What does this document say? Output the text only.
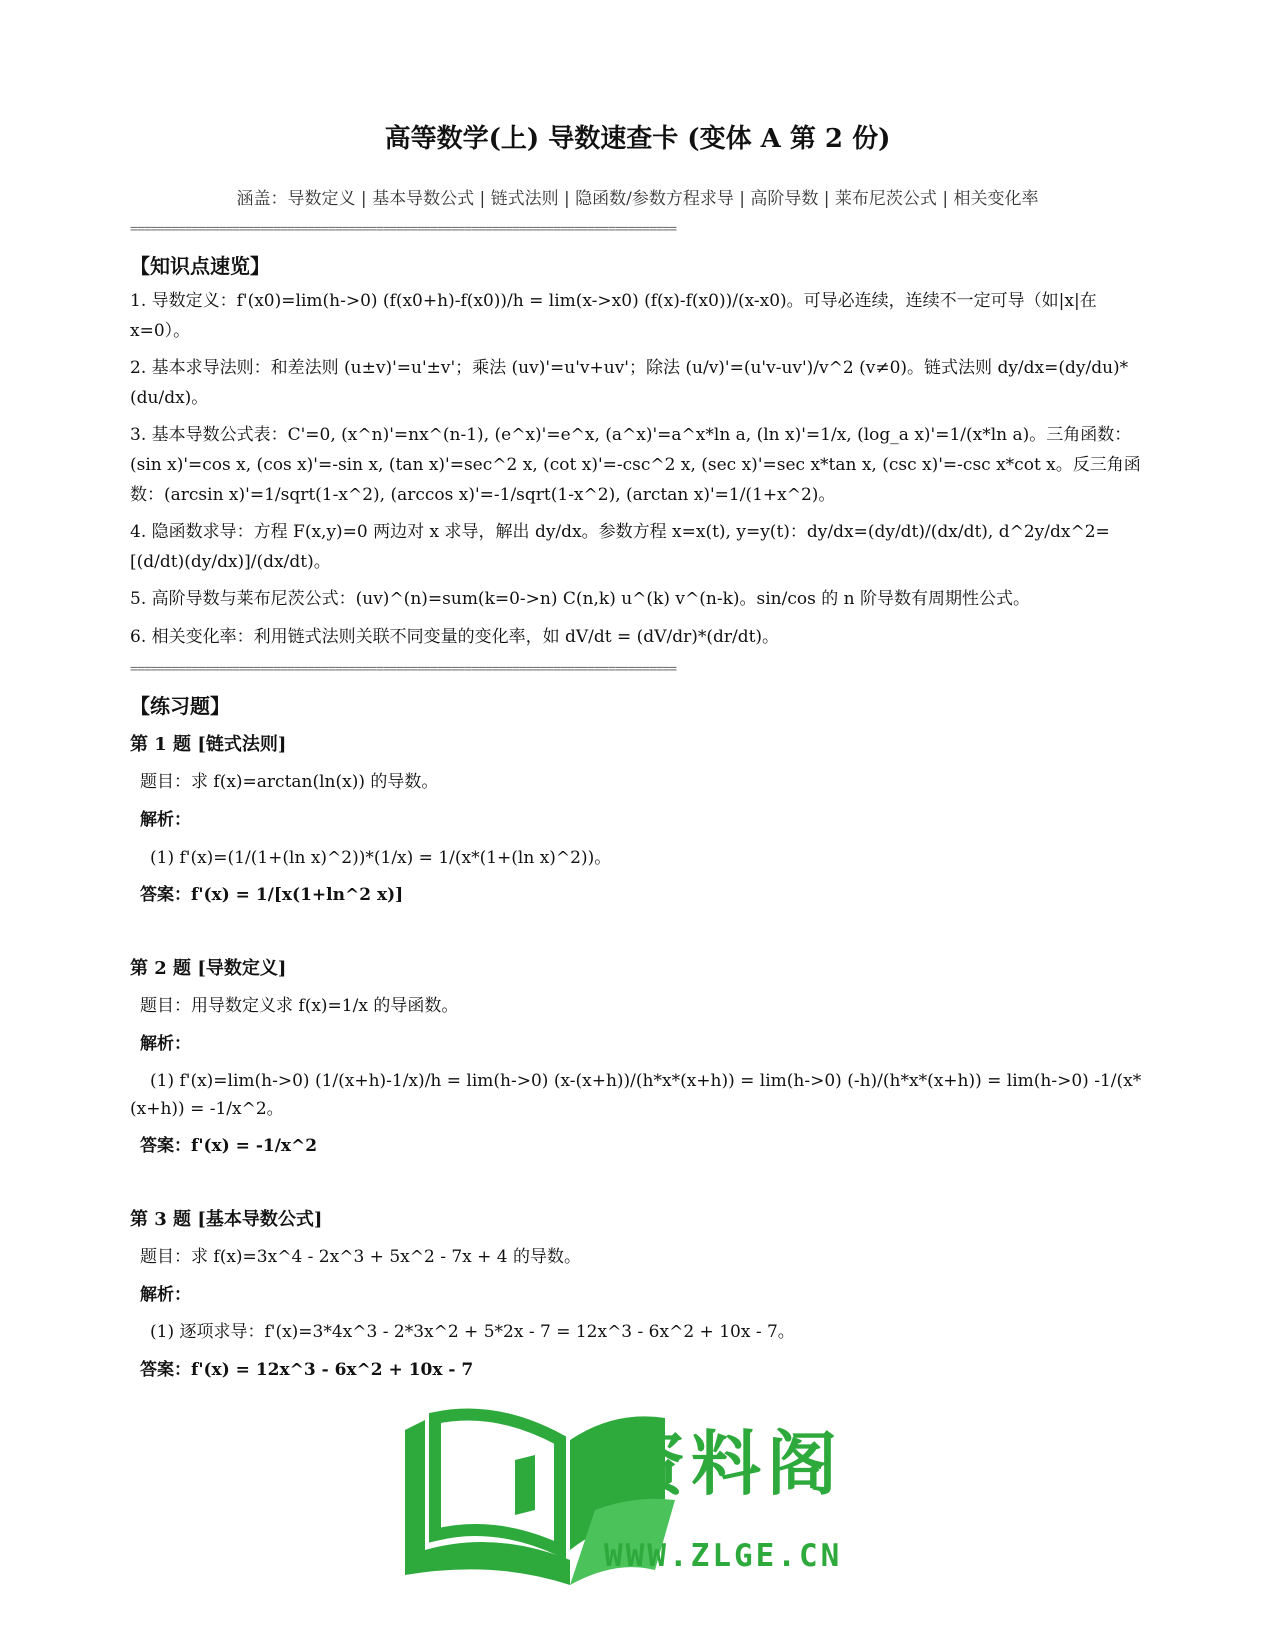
高等数学(上) 导数速查卡 (变体 A 第 2 份)
涵盖：导数定义 | 基本导数公式 | 链式法则 | 隐函数/参数方程求导 | 高阶导数 | 莱布尼茨公式 | 相关变化率
================================================================================
【知识点速览】
1. 导数定义：f'(x0)=lim(h->0) (f(x0+h)-f(x0))/h = lim(x->x0) (f(x)-f(x0))/(x-x0)。可导必连续，连续不一定可导（如|x|在 x=0）。
2. 基本求导法则：和差法则 (u±v)'=u'±v'；乘法 (uv)'=u'v+uv'；除法 (u/v)'=(u'v-uv')/v^2 (v≠0)。链式法则 dy/dx=(dy/du)*(du/dx)。
3. 基本导数公式表：C'=0, (x^n)'=nx^(n-1), (e^x)'=e^x, (a^x)'=a^x*ln a, (ln x)'=1/x, (log_a x)'=1/(x*ln a)。三角函数：(sin x)'=cos x, (cos x)'=-sin x, (tan x)'=sec^2 x, (cot x)'=-csc^2 x, (sec x)'=sec x*tan x, (csc x)'=-csc x*cot x。反三角函数：(arcsin x)'=1/sqrt(1-x^2), (arccos x)'=-1/sqrt(1-x^2), (arctan x)'=1/(1+x^2)。
4. 隐函数求导：方程 F(x,y)=0 两边对 x 求导，解出 dy/dx。参数方程 x=x(t), y=y(t)：dy/dx=(dy/dt)/(dx/dt), d^2y/dx^2=[(d/dt)(dy/dx)]/(dx/dt)。
5. 高阶导数与莱布尼茨公式：(uv)^(n)=sum(k=0->n) C(n,k) u^(k) v^(n-k)。sin/cos 的 n 阶导数有周期性公式。
6. 相关变化率：利用链式法则关联不同变量的变化率，如 dV/dt = (dV/dr)*(dr/dt)。
================================================================================
【练习题】
第 1 题 [链式法则]
题目：求 f(x)=arctan(ln(x)) 的导数。
解析：
(1) f'(x)=(1/(1+(ln x)^2))*(1/x) = 1/(x*(1+(ln x)^2))。
答案：f'(x) = 1/[x(1+ln^2 x)]
第 2 题 [导数定义]
题目：用导数定义求 f(x)=1/x 的导函数。
解析：
(1) f'(x)=lim(h->0) (1/(x+h)-1/x)/h = lim(h->0) (x-(x+h))/(h*x*(x+h)) = lim(h->0) (-h)/(h*x*(x+h)) = lim(h->0) -1/(x*(x+h)) = -1/x^2。
答案：f'(x) = -1/x^2
第 3 题 [基本导数公式]
题目：求 f(x)=3x^4 - 2x^3 + 5x^2 - 7x + 4 的导数。
解析：
(1) 逐项求导：f'(x)=3*4x^3 - 2*3x^2 + 5*2x - 7 = 12x^3 - 6x^2 + 10x - 7。
答案：f'(x) = 12x^3 - 6x^2 + 10x - 7
资料阁
WWW.ZLGE.CN
